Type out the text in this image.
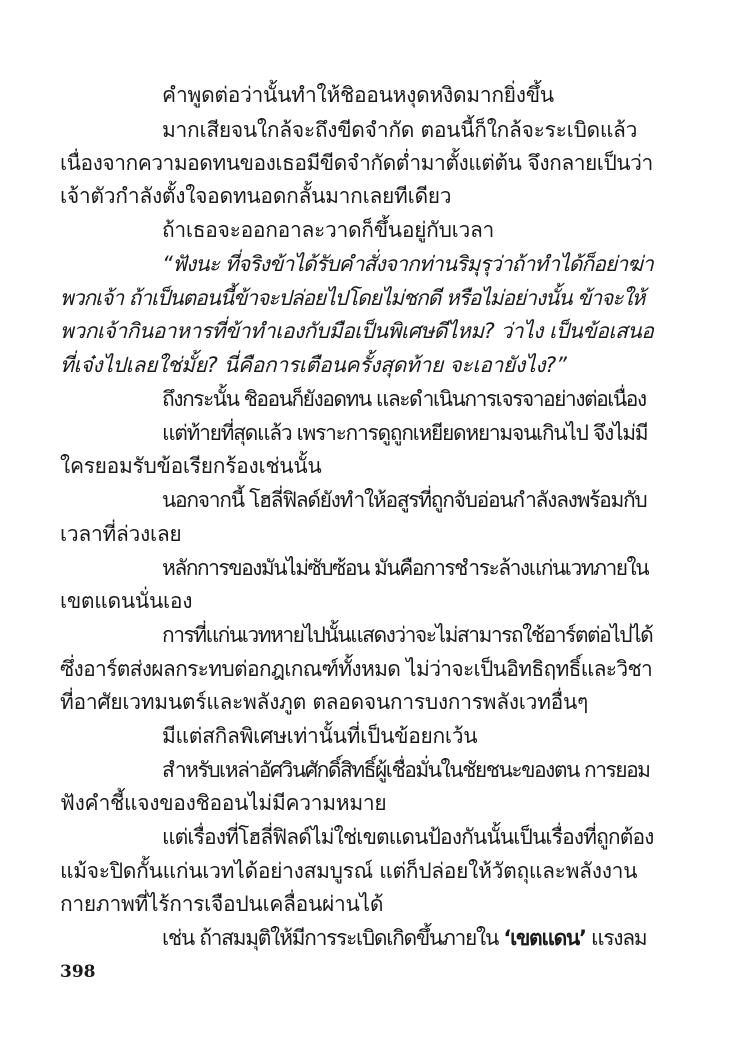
คำพูดต่อว่านั้นทำให้ชิออนหงุดหงิดมากยิ่งขึ้น
มากเสียจนใกล้จะถึงขีดจำกัด ตอนนี้ก็ใกล้จะระเบิดแล้ว
เนื่องจากความอดทนของเธอมีขีดจำกัดต่ำมาตั้งแต่ต้น จึงกลายเป็นว่า
เจ้าตัวกำลังตั้งใจอดทนอดกลั้นมากเลยทีเดียว
ถ้าเธอจะออกอาละวาดก็ขึ้นอยู่กับเวลา
“ฟังนะ ที่จริงข้าได้รับคำสั่งจากท่านริมุรุว่าถ้าทำได้ก็อย่าฆ่า
พวกเจ้า ถ้าเป็นตอนนี้ข้าจะปล่อยไปโดยไม่ชกดี หรือไม่อย่างนั้น ข้าจะให้
พวกเจ้ากินอาหารที่ข้าทำเองกับมือเป็นพิเศษดีไหม? ว่าไง เป็นข้อเสนอ
ที่เจ๋งไปเลยใช่มั้ย? นี่คือการเตือนครั้งสุดท้าย จะเอายังไง?”
ถึงกระนั้น ชิออนก็ยังอดทน และดำเนินการเจรจาอย่างต่อเนื่อง
แต่ท้ายที่สุดแล้ว เพราะการดูถูกเหยียดหยามจนเกินไป จึงไม่มี
ใครยอมรับข้อเรียกร้องเช่นนั้น
นอกจากนี้ โฮลี่ฟิลด์ยังทำให้อสูรที่ถูกจับอ่อนกำลังลงพร้อมกับ
เวลาที่ล่วงเลย
หลักการของมันไม่ซับซ้อน มันคือการชำระล้างแก่นเวทภายใน
เขตแดนนั่นเอง
การที่แก่นเวทหายไปนั้นแสดงว่าจะไม่สามารถใช้อาร์ตต่อไปได้
ซึ่งอาร์ตส่งผลกระทบต่อกฎเกณฑ์ทั้งหมด ไม่ว่าจะเป็นอิทธิฤทธิ์และวิชา
ที่อาศัยเวทมนตร์และพลังภูต ตลอดจนการบงการพลังเวทอื่นๆ
มีแต่สกิลพิเศษเท่านั้นที่เป็นข้อยกเว้น
สำหรับเหล่าอัศวินศักดิ์สิทธิ์ผู้เชื่อมั่นในชัยชนะของตน การยอม
ฟังคำชี้แจงของชิออนไม่มีความหมาย
แต่เรื่องที่โฮลี่ฟิลด์ไม่ใช่เขตแดนป้องกันนั้นเป็นเรื่องที่ถูกต้อง
แม้จะปิดกั้นแก่นเวทได้อย่างสมบูรณ์ แต่ก็ปล่อยให้วัตถุและพลังงาน
กายภาพที่ไร้การเจือปนเคลื่อนผ่านได้
เช่น ถ้าสมมุติให้มีการระเบิดเกิดขึ้นภายใน ‘เขตแดน’ แรงลม
398
